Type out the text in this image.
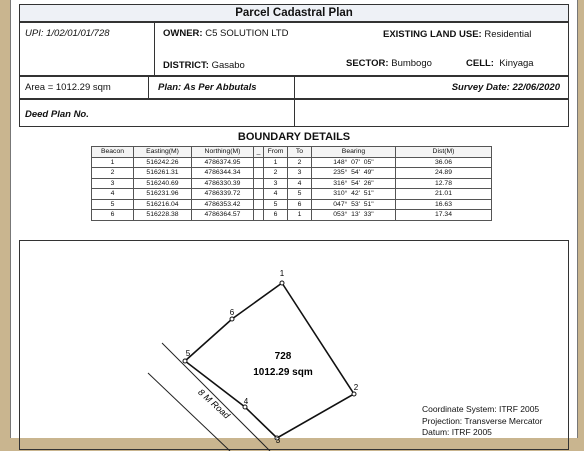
Parcel Cadastral Plan
UPI: 1/02/01/01/728	OWNER: C5 SOLUTION LTD	EXISTING LAND USE: Residential
DISTRICT: Gasabo	SECTOR: Bumbogo	CELL: Kinyaga
Area = 1012.29 sqm	Plan: As Per Abbutals	Survey Date: 22/06/2020
Deed Plan No.
BOUNDARY DETAILS
Beacon	Easting(M)	Northing(M)	_	From	To	Bearing	Dist(M)
1	516242.26	4786374.95		1	2	148° 07' 05"	36.06
2	516261.31	4786344.34		2	3	235° 54' 49"	24.89
3	516240.69	4786330.39		3	4	316° 54' 26"	12.78
4	516231.96	4786339.72		4	5	310° 42' 51"	21.01
5	516216.04	4786353.42		5	6	047° 53' 51"	16.63
6	516228.38	4786364.57		6	1	053° 13' 33"	17.34
1
2
3
4
5
6
728
1012.29 sqm
8 M Road	Coordinate System: ITRF 2005
Projection: Transverse Mercator
Datum: ITRF 2005
